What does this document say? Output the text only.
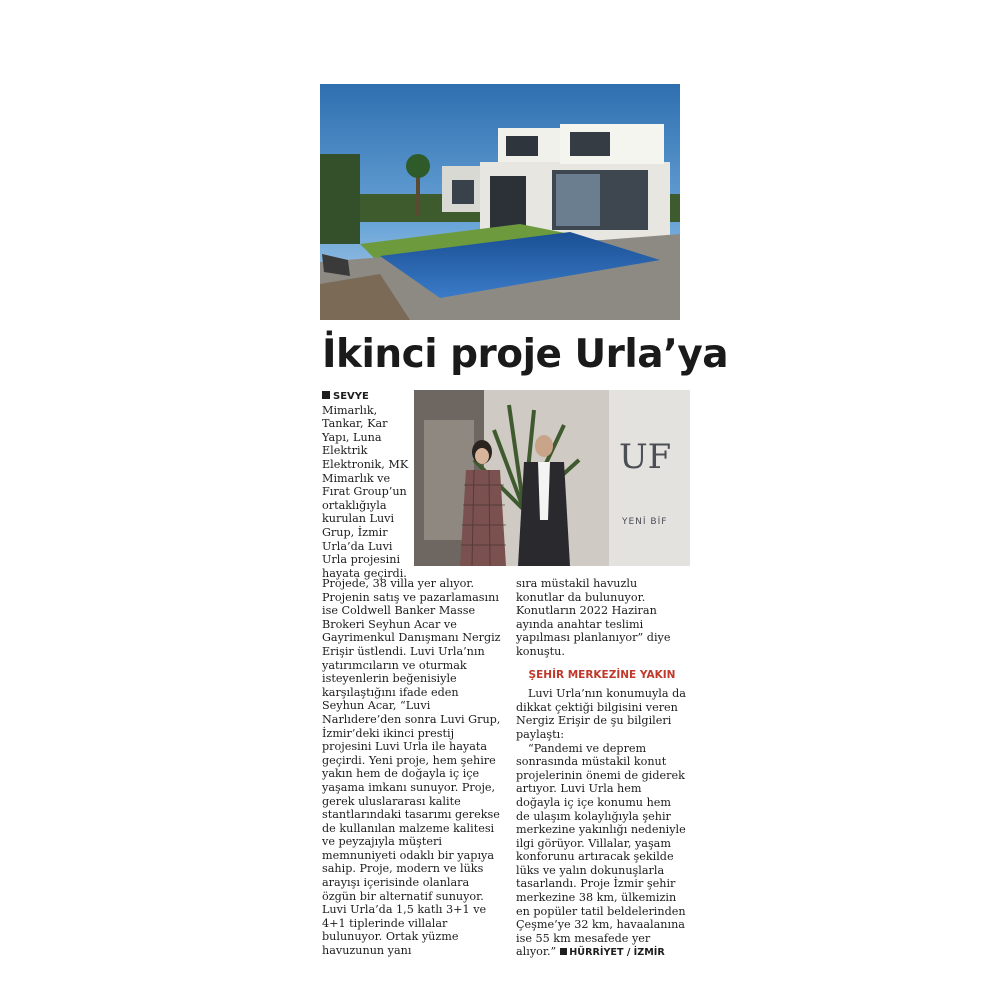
İkinci proje Urla’ya
SEVYE

Mimarlık,

Tankar, Kar

Yapı, Luna

Elektrik

Elektronik, MK

Mimarlık ve

Fırat Group’un

ortaklığıyla

kurulan Luvi

Grup, İzmir

Urla’da Luvi

Urla projesini

hayata geçirdi.

UF
YENİ BİF

Projede, 38 villa yer alıyor. Projenin satış ve pazarlamasını ise Coldwell Banker Masse Brokeri Seyhun Acar ve Gayrimenkul Danışmanı Nergiz Erişir üstlendi. Luvi Urla’nın yatırımcıların ve oturmak isteyenlerin beğenisiyle karşılaştığını ifade eden Seyhun Acar, “Luvi Narlıdere’den sonra Luvi Grup, İzmir’deki ikinci prestij projesini Luvi Urla ile hayata geçirdi. Yeni proje, hem şehire yakın hem de doğayla iç içe yaşama imkanı sunuyor. Proje, gerek uluslararası kalite stantlarındaki tasarımı gerekse de kullanılan malzeme kalitesi ve peyzajıyla müşteri memnuniyeti odaklı bir yapıya sahip. Proje, modern ve lüks arayışı içerisinde olanlara özgün bir alternatif sunuyor. Luvi Urla’da 1,5 katlı 3+1 ve 4+1 tiplerinde villalar bulunuyor. Ortak yüzme havuzunun yanı

sıra müstakil havuzlu konutlar da bulunuyor. Konutların 2022 Haziran ayında anahtar teslimi yapılması planlanıyor” diye konuştu.

ŞEHİR MERKEZİNE YAKIN

Luvi Urla’nın konumuyla da dikkat çektiği bilgisini veren Nergiz Erişir de şu bilgileri paylaştı:

“Pandemi ve deprem sonrasında müstakil konut projelerinin önemi de giderek artıyor. Luvi Urla hem doğayla iç içe konumu hem de ulaşım kolaylığıyla şehir merkezine yakınlığı nedeniyle ilgi görüyor. Villalar, yaşam konforunu artıracak şekilde lüks ve yalın dokunuşlarla tasarlandı. Proje İzmir şehir merkezine 38 km, ülkemizin en popüler tatil beldelerinden Çeşme’ye 32 km, havaalanına ise 55 km mesafede yer alıyor.” HÜRRİYET / İZMİR
